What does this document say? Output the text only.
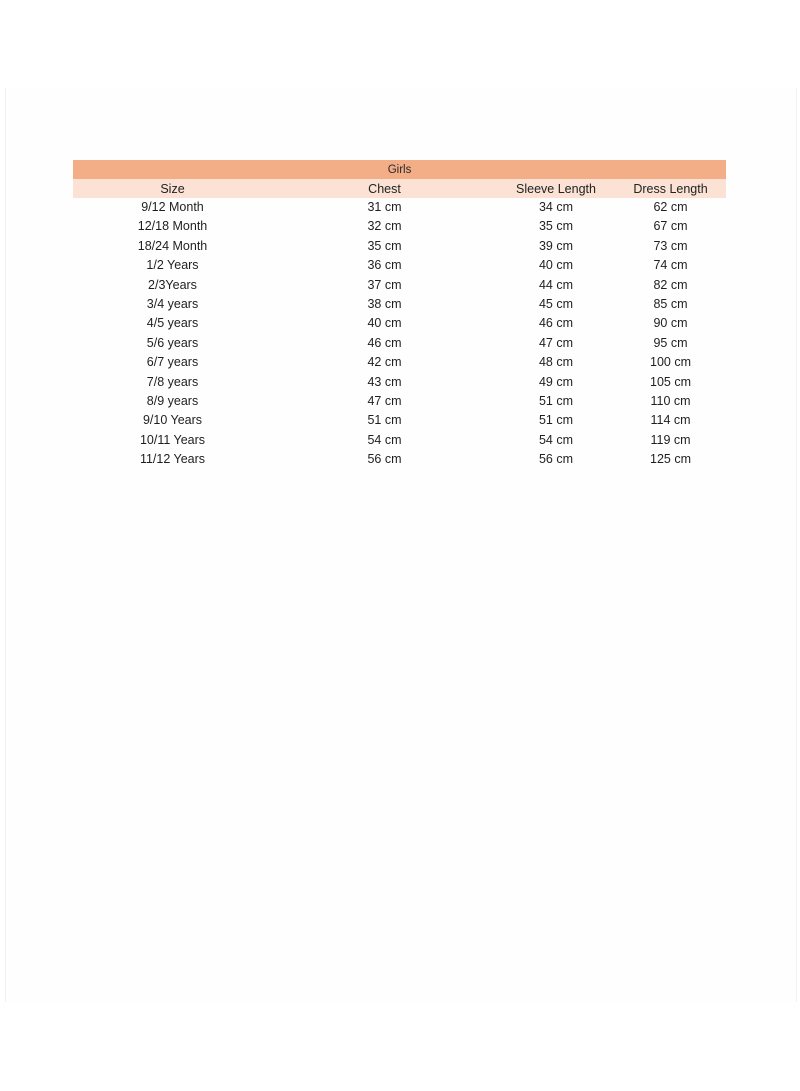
Girls			
Size	Chest	Sleeve Length	Dress Length
9/12 Month	31 cm	34 cm	62 cm
12/18 Month	32 cm	35 cm	67 cm
18/24 Month	35 cm	39 cm	73 cm
1/2 Years	36 cm	40 cm	74 cm
2/3Years	37 cm	44 cm	82 cm
3/4 years	38 cm	45 cm	85 cm
4/5 years	40 cm	46 cm	90 cm
5/6 years	46 cm	47 cm	95 cm
6/7 years	42 cm	48 cm	100 cm
7/8 years	43 cm	49 cm	105 cm
8/9 years	47 cm	51 cm	110 cm
9/10 Years	51 cm	51 cm	114 cm
10/11 Years	54 cm	54 cm	119 cm
11/12 Years	56 cm	56 cm	125 cm
